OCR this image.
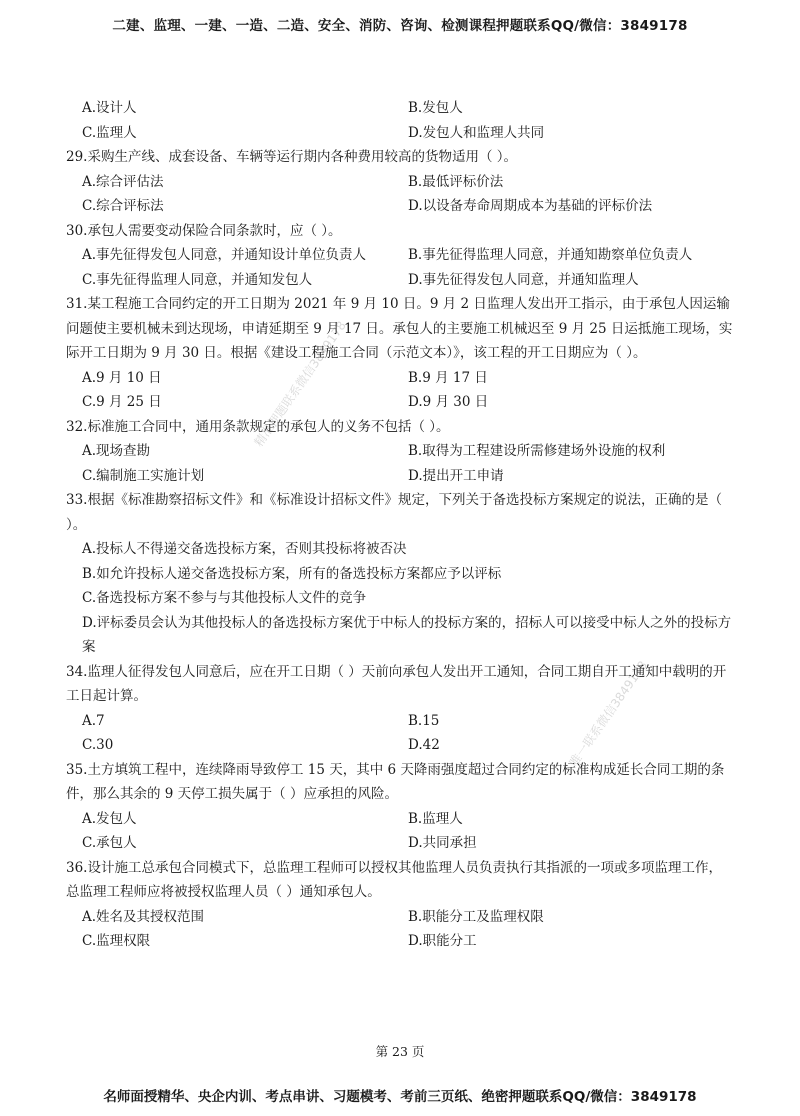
二建、监理、一建、一造、二造、安全、消防、咨询、检测课程押题联系QQ/微信：3849178
精准押题联系微信3849178
唯一联系微信3849178
A.设计人	B.发包人
C.监理人	D.发包人和监理人共同

29.采购生产线、成套设备、车辆等运行期内各种费用较高的货物适用（ ）。

A.综合评估法	B.最低评标价法
C.综合评标法	D.以设备寿命周期成本为基础的评标价法

30.承包人需要变动保险合同条款时，应（ ）。

A.事先征得发包人同意，并通知设计单位负责人	B.事先征得监理人同意，并通知勘察单位负责人
C.事先征得监理人同意，并通知发包人	D.事先征得发包人同意，并通知监理人

31.某工程施工合同约定的开工日期为 2021 年 9 月 10 日。9 月 2 日监理人发出开工指示，由于承包人因运输问题使主要机械未到达现场，申请延期至 9 月 17 日。承包人的主要施工机械迟至 9 月 25 日运抵施工现场，实际开工日期为 9 月 30 日。根据《建设工程施工合同（示范文本）》，该工程的开工日期应为（ ）。

A.9 月 10 日	B.9 月 17 日
C.9 月 25 日	D.9 月 30 日

32.标准施工合同中，通用条款规定的承包人的义务不包括（ ）。

A.现场查勘	B.取得为工程建设所需修建场外设施的权利
C.编制施工实施计划	D.提出开工申请

33.根据《标准勘察招标文件》和《标准设计招标文件》规定，下列关于备选投标方案规定的说法，正确的是（ ）。

A.投标人不得递交备选投标方案，否则其投标将被否决
B.如允许投标人递交备选投标方案，所有的备选投标方案都应予以评标
C.备选投标方案不参与与其他投标人文件的竞争
D.评标委员会认为其他投标人的备选投标方案优于中标人的投标方案的，招标人可以接受中标人之外的投标方案

34.监理人征得发包人同意后，应在开工日期（ ）天前向承包人发出开工通知，合同工期自开工通知中载明的开工日起计算。

A.7	B.15
C.30	D.42

35.土方填筑工程中，连续降雨导致停工 15 天，其中 6 天降雨强度超过合同约定的标准构成延长合同工期的条件，那么其余的 9 天停工损失属于（ ）应承担的风险。

A.发包人	B.监理人
C.承包人	D.共同承担

36.设计施工总承包合同模式下，总监理工程师可以授权其他监理人员负责执行其指派的一项或多项监理工作，总监理工程师应将被授权监理人员（ ）通知承包人。

A.姓名及其授权范围	B.职能分工及监理权限
C.监理权限	D.职能分工
第 23 页
名师面授精华、央企内训、考点串讲、习题模考、考前三页纸、绝密押题联系QQ/微信：3849178
